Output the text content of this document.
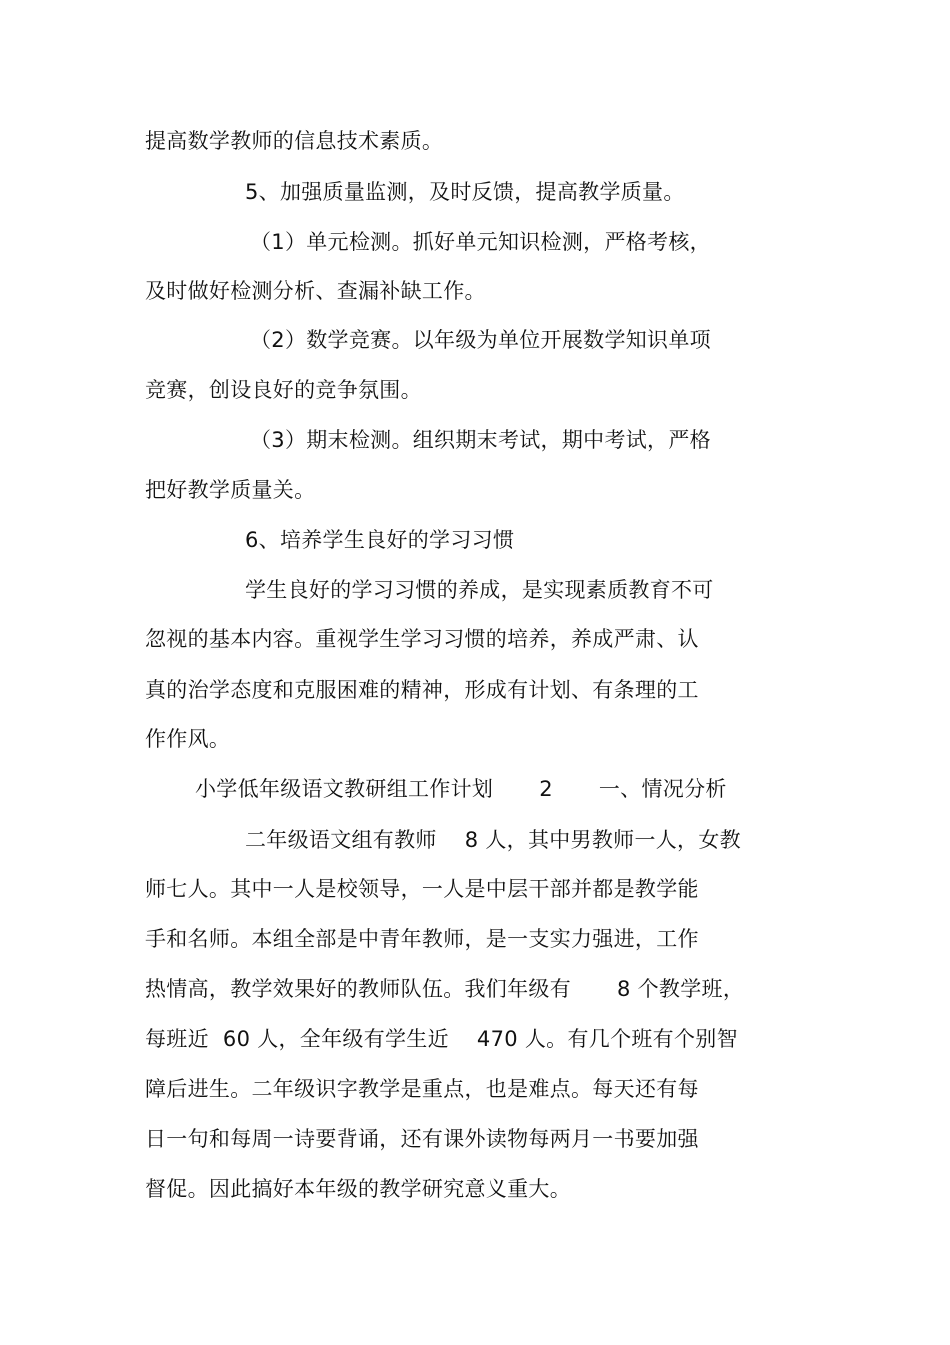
提高数学教师的信息技术素质。

5、加强质量监测，及时反馈，提高教学质量。

（1）单元检测。抓好单元知识检测，严格考核，

及时做好检测分析、查漏补缺工作。

（2）数学竞赛。以年级为单位开展数学知识单项

竞赛，创设良好的竞争氛围。

（3）期末检测。组织期末考试，期中考试，严格

把好教学质量关。

6、培养学生良好的学习习惯

学生良好的学习习惯的养成，是实现素质教育不可

忽视的基本内容。重视学生学习习惯的培养，养成严肃、认

真的治学态度和克服困难的精神，形成有计划、有条理的工

作作风。

小学低年级语文教研组工作计划 2 一、情况分析

二年级语文组有教师 8 人，其中男教师一人，女教

师七人。其中一人是校领导，一人是中层干部并都是教学能

手和名师。本组全部是中青年教师，是一支实力强进，工作

热情高，教学效果好的教师队伍。我们年级有 8 个教学班，

每班近 60 人，全年级有学生近 470 人。有几个班有个别智

障后进生。二年级识字教学是重点，也是难点。每天还有每

日一句和每周一诗要背诵，还有课外读物每两月一书要加强

督促。因此搞好本年级的教学研究意义重大。
